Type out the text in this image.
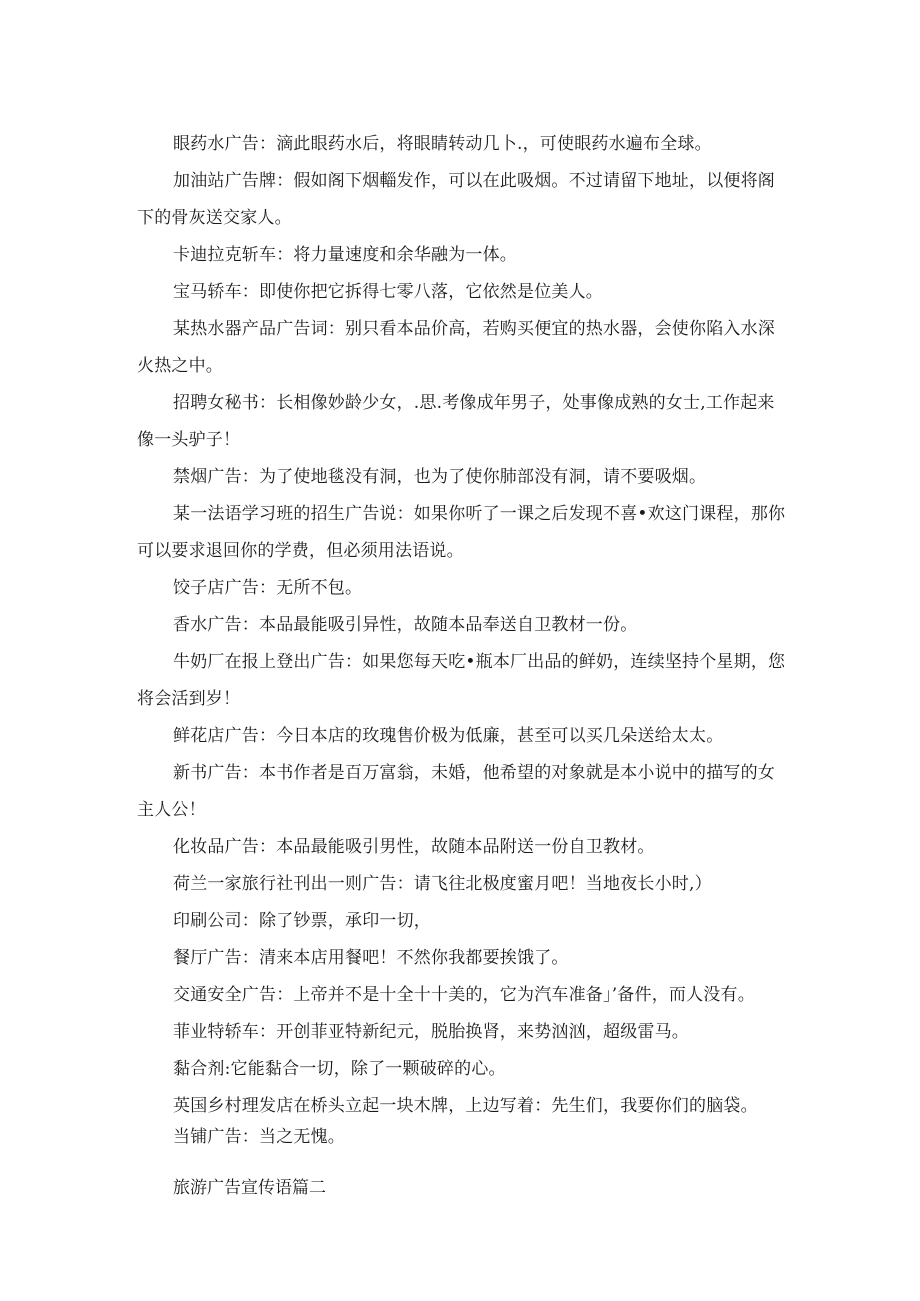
眼药水广告：滴此眼药水后，将眼睛转动几卜.，可使眼药水遍布全球。

加油站广告牌：假如阁下烟輜发作，可以在此吸烟。不过请留下地址，以便将阁下的骨灰送交家人。

卡迪拉克斩车：将力量速度和余华融为一体。

宝马轿车：即使你把它拆得七零八落，它依然是位美人。

某热水器产品广告词：别只看本品价高，若购买便宜的热水器，会使你陷入水深火热之中。

招聘女秘书：长相像妙龄少女，.思.考像成年男子，处事像成熟的女士,工作起来像一头驴子！

禁烟广告：为了使地毯没有洞，也为了使你肺部没有洞，请不要吸烟。

某一法语学习班的招生广告说：如果你听了一课之后发现不喜•欢这门课程，那你可以要求退回你的学费，但必须用法语说。

饺子店广告：无所不包。

香水广告：本品最能吸引异性，故随本品奉送自卫教材一份。

牛奶厂在报上登出广告：如果您每天吃•瓶本厂出品的鲜奶，连续坚持个星期，您将会活到岁！

鲜花店广告：今日本店的玫瑰售价极为低廉，甚至可以买几朵送给太太。

新书广告：本书作者是百万富翁，未婚，他希望的对象就是本小说中的描写的女主人公！

化妆品广告：本品最能吸引男性，故随本品附送一份自卫教材。

荷兰一家旅行社刊出一则广告：请飞往北极度蜜月吧！当地夜长小时,）

印刷公司：除了钞票，承印一切，

餐厅广告：清来本店用餐吧！不然你我都要挨饿了。

交通安全广告：上帝并不是十全十十美的，它为汽车准备」’备件，而人没有。

菲业特轿车：开创菲亚特新纪元，脱胎换肾，来势汹汹，超级雷马。

黏合剂:它能黏合一切，除了一颗破碎的心。

英国乡村理发店在桥头立起一块木牌，上边写着：先生们，我要你们的脑袋。

当铺广告：当之无愧。

旅游广告宣传语篇二
